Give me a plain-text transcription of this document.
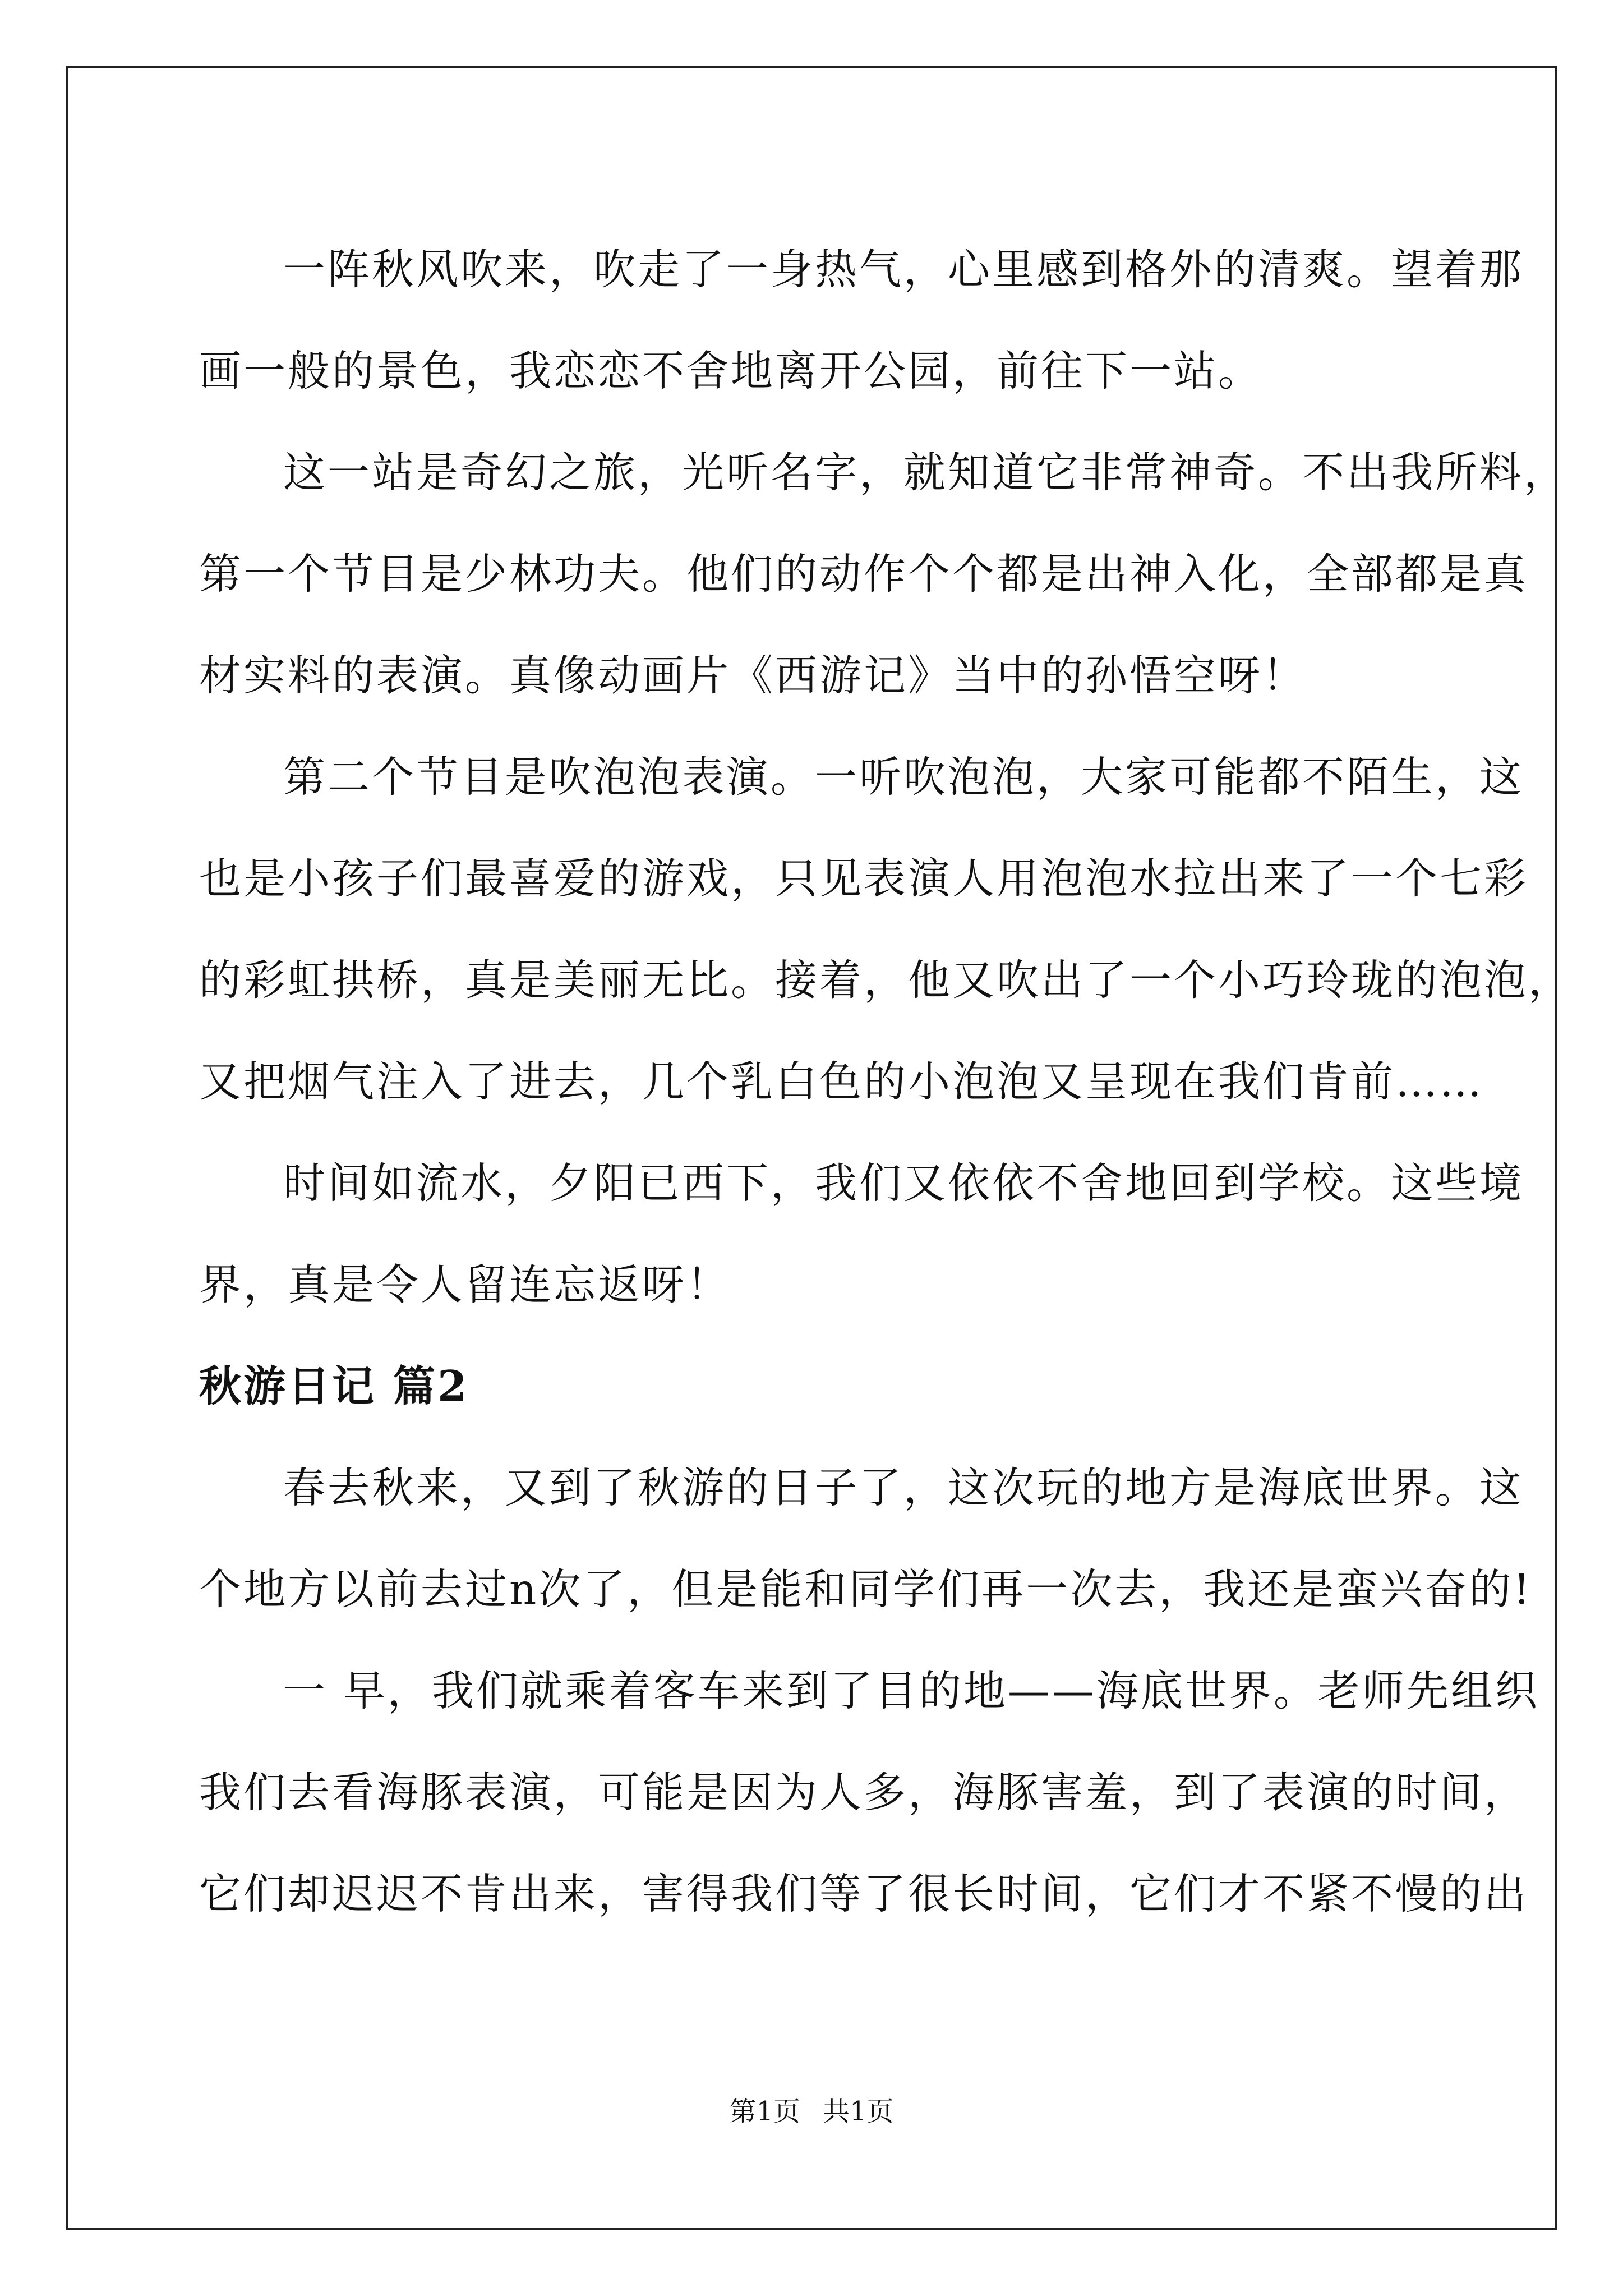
一阵秋风吹来，吹走了一身热气，心里感到格外的清爽。望着那
画一般的景色，我恋恋不舍地离开公园，前往下一站。

这一站是奇幻之旅，光听名字，就知道它非常神奇。不出我所料，
第一个节目是少林功夫。他们的动作个个都是出神入化，全部都是真
材实料的表演。真像动画片《西游记》当中的孙悟空呀！

第二个节目是吹泡泡表演。一听吹泡泡，大家可能都不陌生，这
也是小孩子们最喜爱的游戏，只见表演人用泡泡水拉出来了一个七彩
的彩虹拱桥，真是美丽无比。接着，他又吹出了一个小巧玲珑的泡泡，
又把烟气注入了进去，几个乳白色的小泡泡又呈现在我们肯前……

时间如流水，夕阳已西下，我们又依依不舍地回到学校。这些境
界，真是令人留连忘返呀！

秋游日记 篇2

春去秋来，又到了秋游的日子了，这次玩的地方是海底世界。这
个地方以前去过n次了，但是能和同学们再一次去，我还是蛮兴奋的!

一 早，我们就乘着客车来到了目的地——海底世界。老师先组织
我们去看海豚表演，可能是因为人多，海豚害羞，到了表演的时间，
它们却迟迟不肯出来，害得我们等了很长时间，它们才不紧不慢的出

第1页 共1页
